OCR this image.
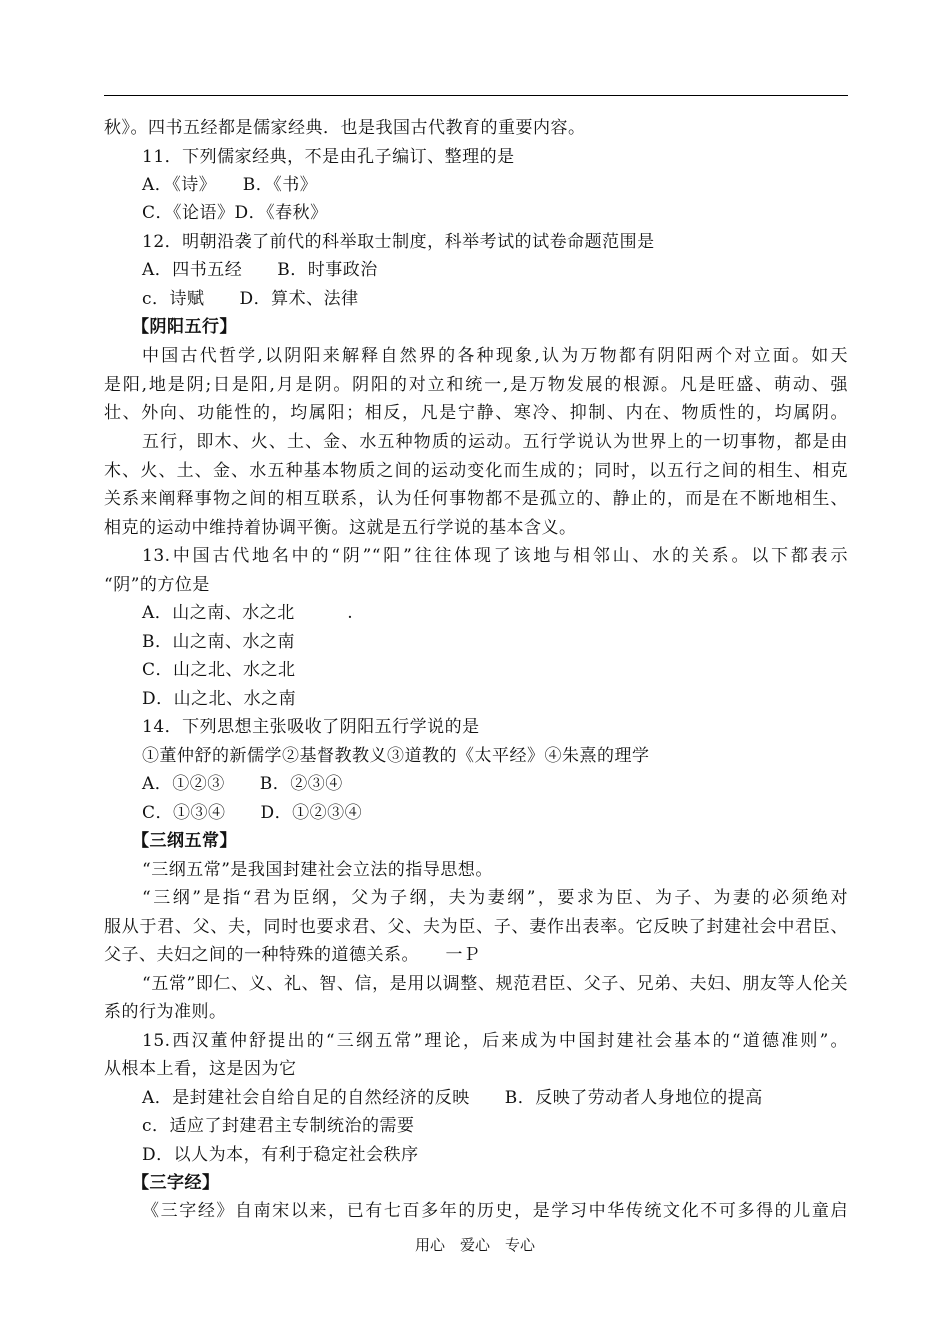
秋》。四书五经都是儒家经典．也是我国古代教育的重要内容。
11．下列儒家经典，不是由孔子编订、整理的是
A．《诗》　　B．《书》
C．《论语》D．《春秋》
12．明朝沿袭了前代的科举取士制度，科举考试的试卷命题范围是
A．四书五经　　B．时事政治
c．诗赋　　D．算术、法律
【阴阳五行】
中国古代哲学,以阴阳来解释自然界的各种现象,认为万物都有阴阳两个对立面。如天
是阳,地是阴;日是阳,月是阴。阴阳的对立和统一,是万物发展的根源。凡是旺盛、萌动、强
壮、外向、功能性的，均属阳；相反，凡是宁静、寒冷、抑制、内在、物质性的，均属阴。
五行，即木、火、土、金、水五种物质的运动。五行学说认为世界上的一切事物，都是由
木、火、土、金、水五种基本物质之间的运动变化而生成的；同时，以五行之间的相生、相克
关系来阐释事物之间的相互联系，认为任何事物都不是孤立的、静止的，而是在不断地相生、
相克的运动中维持着协调平衡。这就是五行学说的基本含义。
13.中国古代地名中的“阴”“阳”往往体现了该地与相邻山、水的关系。以下都表示
“阴”的方位是
A．山之南、水之北　　　.
B．山之南、水之南
C．山之北、水之北
D．山之北、水之南
14．下列思想主张吸收了阴阳五行学说的是
①董仲舒的新儒学②基督教教义③道教的《太平经》④朱熹的理学
A．①②③　　B．②③④
C．①③④　　D．①②③④
【三纲五常】
“三纲五常”是我国封建社会立法的指导思想。
“三纲”是指“君为臣纲，父为子纲，夫为妻纲”，要求为臣、为子、为妻的必须绝对
服从于君、父、夫，同时也要求君、父、夫为臣、子、妻作出表率。它反映了封建社会中君臣、
父子、夫妇之间的一种特殊的道德关系。　　一Ｐ
“五常”即仁、义、礼、智、信，是用以调整、规范君臣、父子、兄弟、夫妇、朋友等人伦关
系的行为准则。
15.西汉董仲舒提出的“三纲五常”理论，后来成为中国封建社会基本的“道德准则”。
从根本上看，这是因为它
A．是封建社会自给自足的自然经济的反映　　B．反映了劳动者人身地位的提高
c．适应了封建君主专制统治的需要
D．以人为本，有利于稳定社会秩序
【三字经】
《三字经》自南宋以来，已有七百多年的历史，是学习中华传统文化不可多得的儿童启
用心　爱心　专心
